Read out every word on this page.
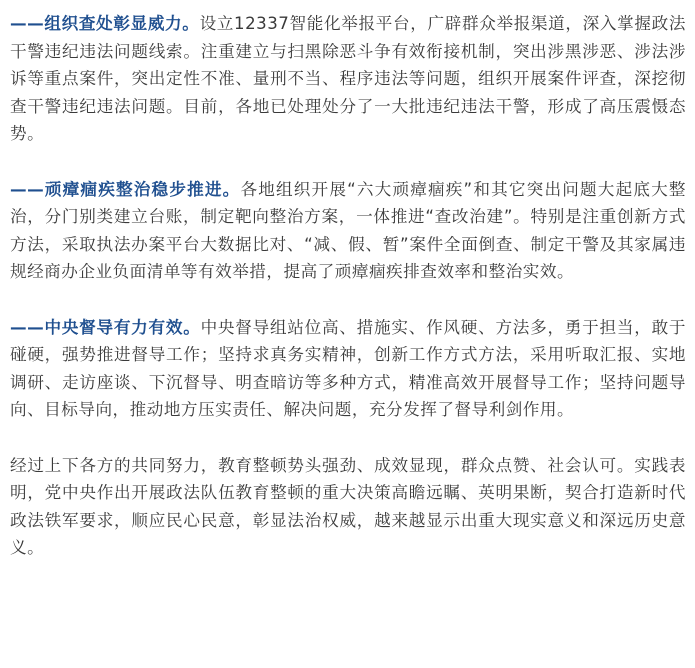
——组织查处彰显威力。设立12337智能化举报平台，广辟群众举报渠道，深入掌握政法干警违纪违法问题线索。注重建立与扫黑除恶斗争有效衔接机制，突出涉黑涉恶、涉法涉诉等重点案件，突出定性不准、量刑不当、程序违法等问题，组织开展案件评查，深挖彻查干警违纪违法问题。目前，各地已处理处分了一大批违纪违法干警，形成了高压震慑态势。

——顽瘴痼疾整治稳步推进。各地组织开展“六大顽瘴痼疾”和其它突出问题大起底大整治，分门别类建立台账，制定靶向整治方案，一体推进“查改治建”。特别是注重创新方式方法，采取执法办案平台大数据比对、“减、假、暂”案件全面倒查、制定干警及其家属违规经商办企业负面清单等有效举措，提高了顽瘴痼疾排查效率和整治实效。

——中央督导有力有效。中央督导组站位高、措施实、作风硬、方法多，勇于担当，敢于碰硬，强势推进督导工作；坚持求真务实精神，创新工作方式方法，采用听取汇报、实地调研、走访座谈、下沉督导、明查暗访等多种方式，精准高效开展督导工作；坚持问题导向、目标导向，推动地方压实责任、解决问题，充分发挥了督导利剑作用。

经过上下各方的共同努力，教育整顿势头强劲、成效显现，群众点赞、社会认可。实践表明，党中央作出开展政法队伍教育整顿的重大决策高瞻远瞩、英明果断，契合打造新时代政法铁军要求，顺应民心民意，彰显法治权威，越来越显示出重大现实意义和深远历史意义。
